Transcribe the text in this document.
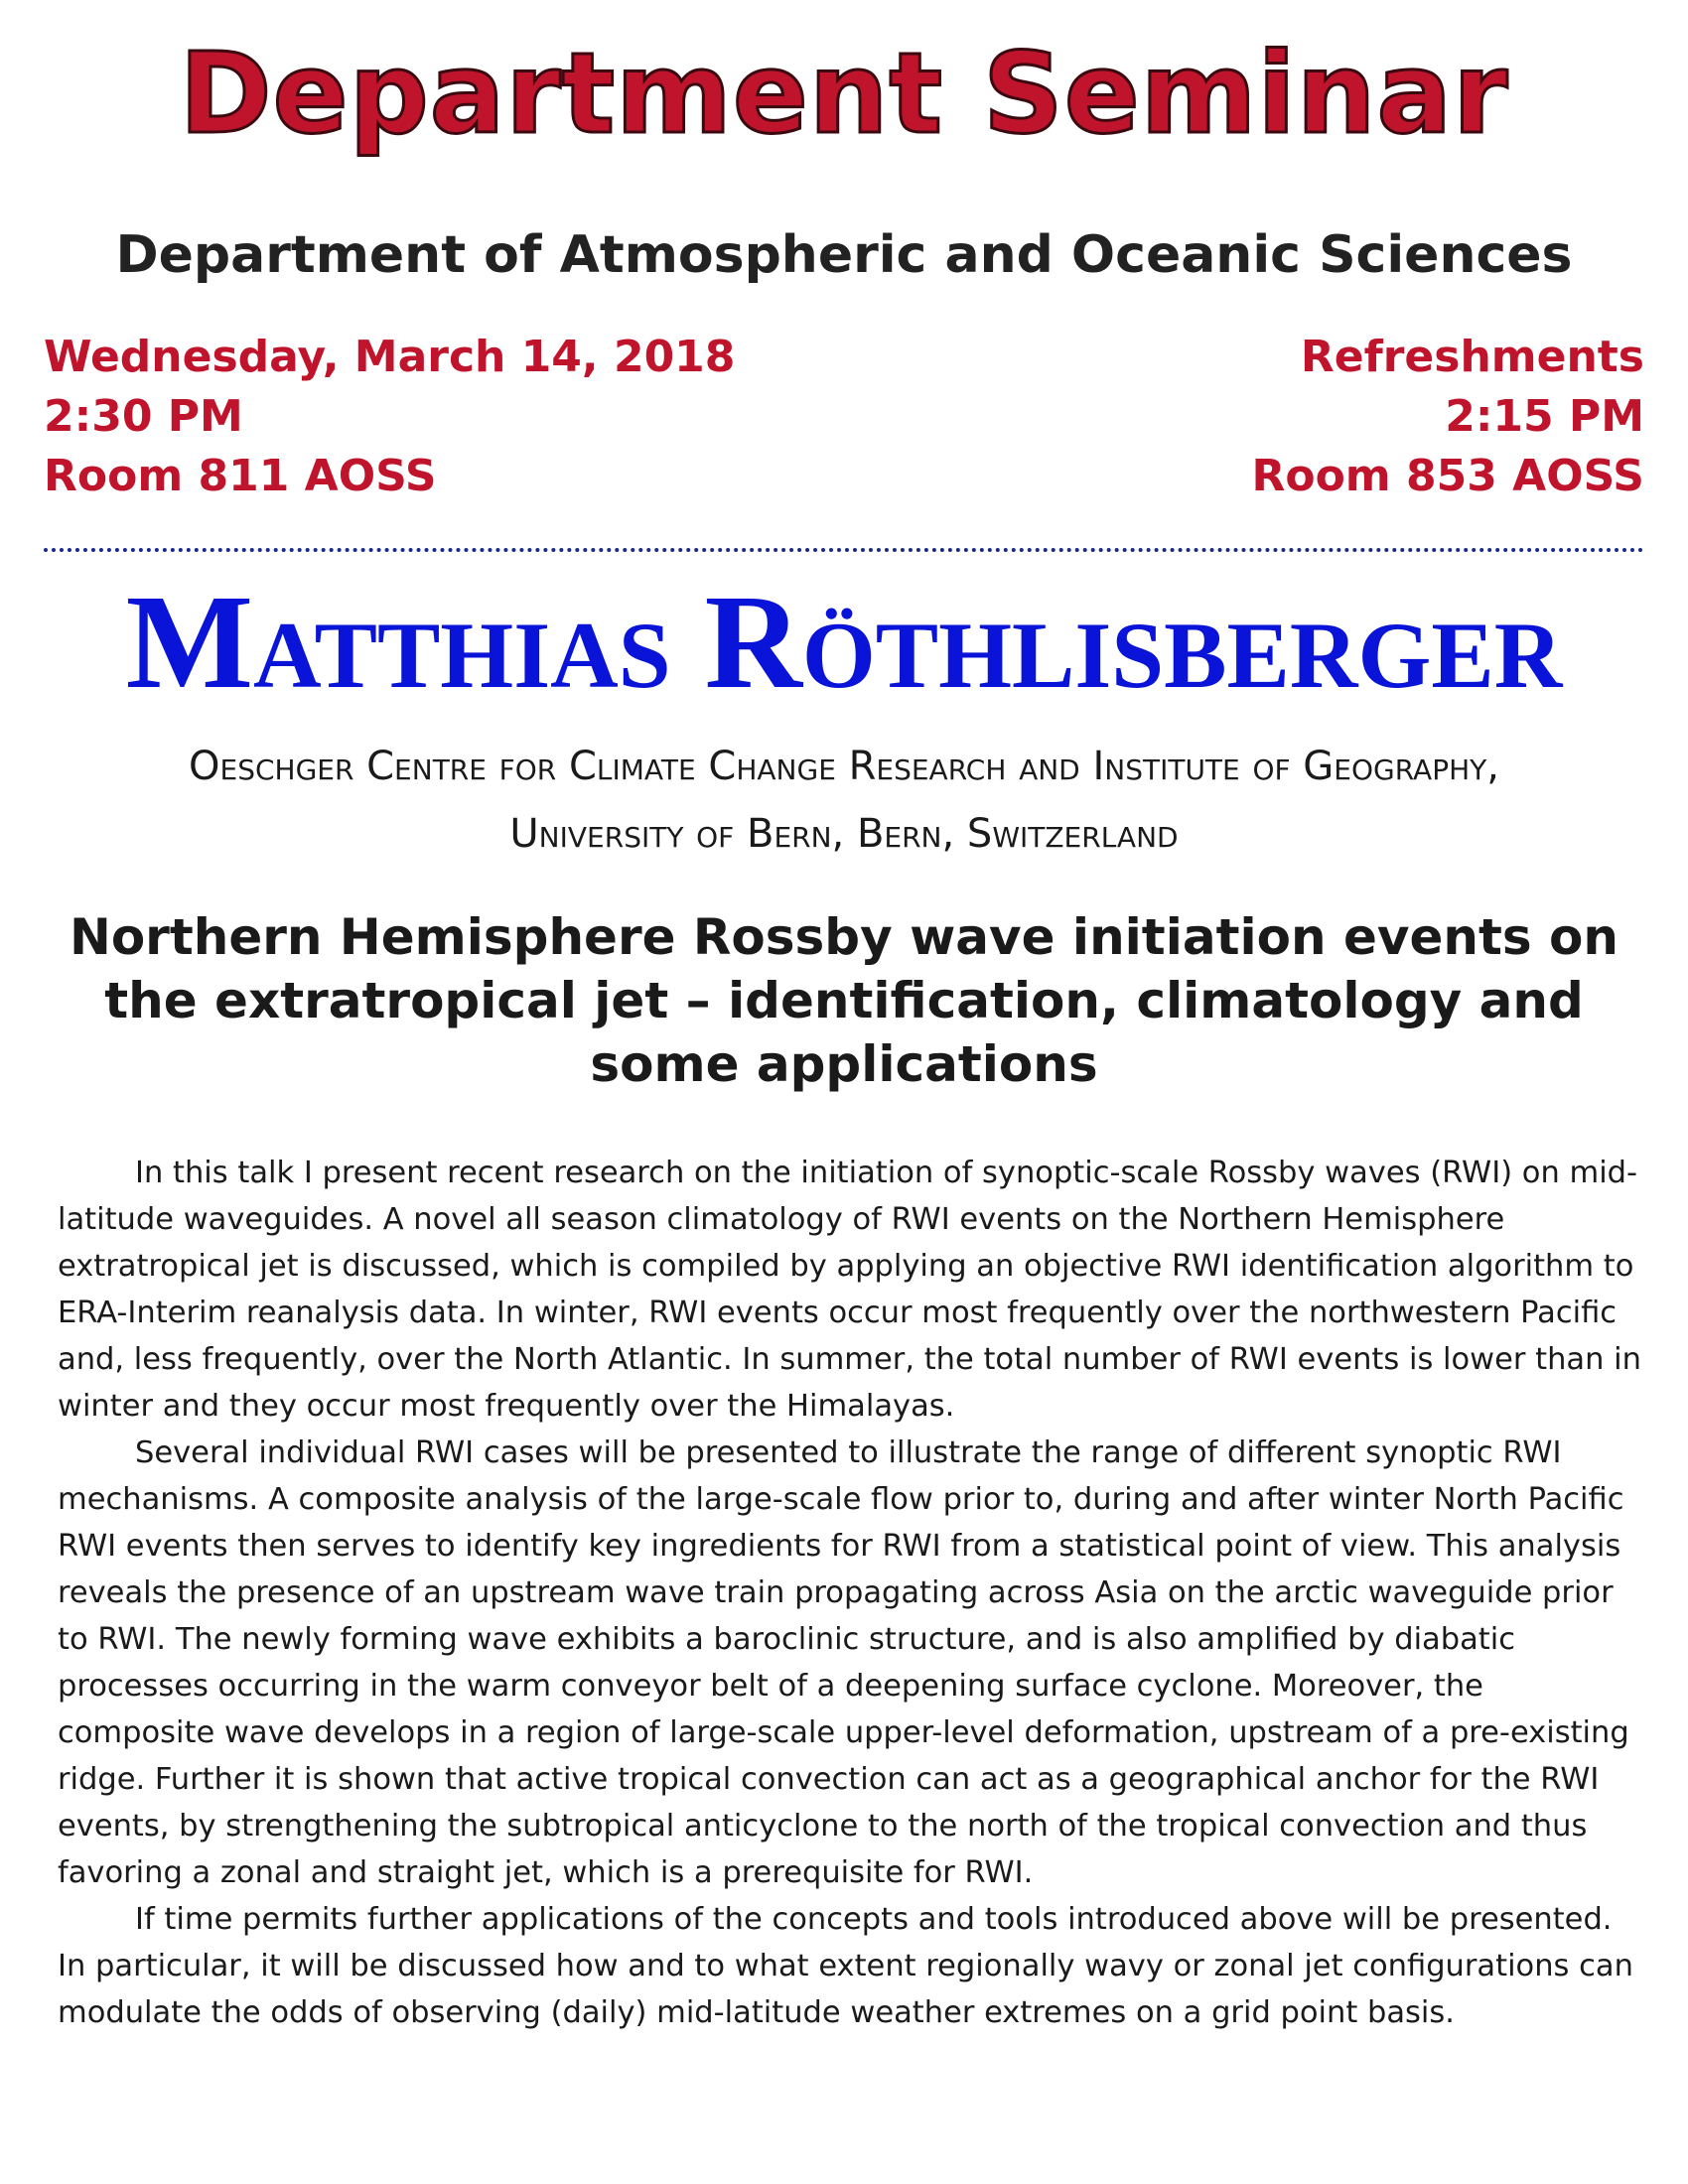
Department Seminar
Department of Atmospheric and Oceanic Sciences
Wednesday, March 14, 2018
2:30 PM
Room 811 AOSS
Refreshments
2:15 PM
Room 853 AOSS
Matthias Röthlisberger
Oeschger Centre for Climate Change Research and Institute of Geography,
University of Bern, Bern, Switzerland
Northern Hemisphere Rossby wave initiation events on the extratropical jet – identification, climatology and some applications

In this talk I present recent research on the initiation of synoptic-scale Rossby waves (RWI) on mid-latitude waveguides. A novel all season climatology of RWI events on the Northern Hemisphere extratropical jet is discussed, which is compiled by applying an objective RWI identification algorithm to ERA-Interim reanalysis data. In winter, RWI events occur most frequently over the northwestern Pacific and, less frequently, over the North Atlantic. In summer, the total number of RWI events is lower than in winter and they occur most frequently over the Himalayas.

Several individual RWI cases will be presented to illustrate the range of different synoptic RWI mechanisms. A composite analysis of the large-scale flow prior to, during and after winter North Pacific RWI events then serves to identify key ingredients for RWI from a statistical point of view. This analysis reveals the presence of an upstream wave train propagating across Asia on the arctic waveguide prior to RWI. The newly forming wave exhibits a baroclinic structure, and is also amplified by diabatic processes occurring in the warm conveyor belt of a deepening surface cyclone. Moreover, the composite wave develops in a region of large-scale upper-level deformation, upstream of a pre-existing ridge. Further it is shown that active tropical convection can act as a geographical anchor for the RWI events, by strengthening the subtropical anticyclone to the north of the tropical convection and thus favoring a zonal and straight jet, which is a prerequisite for RWI.

If time permits further applications of the concepts and tools introduced above will be presented. In particular, it will be discussed how and to what extent regionally wavy or zonal jet configurations can modulate the odds of observing (daily) mid-latitude weather extremes on a grid point basis.
